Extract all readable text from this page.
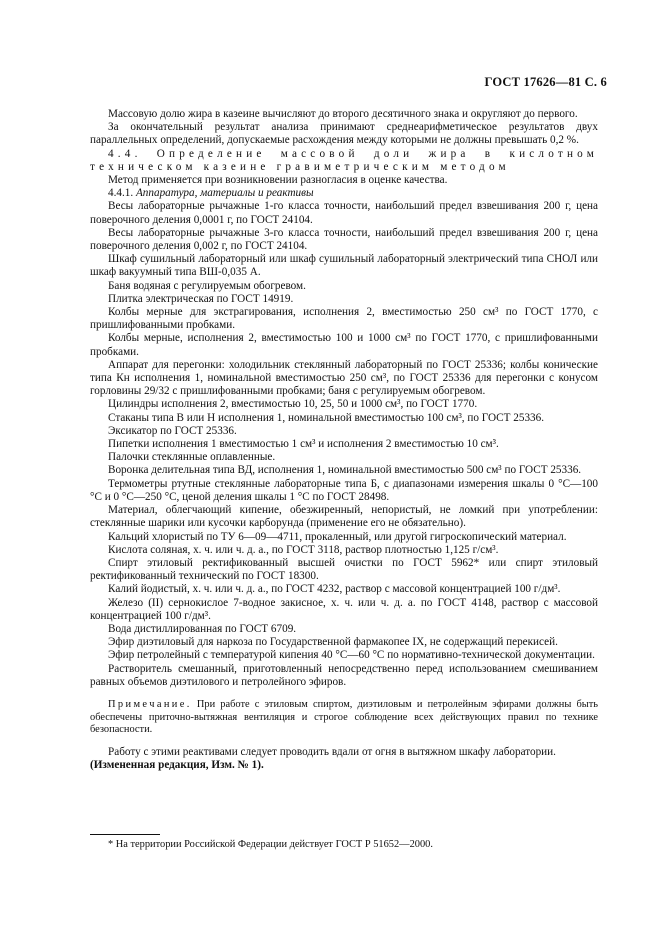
ГОСТ 17626—81 С. 6

Массовую долю жира в казеине вычисляют до второго десятичного знака и округляют до первого.

За окончательный результат анализа принимают среднеарифметическое результатов двух параллельных определений, допускаемые расхождения между которыми не должны превышать 0,2 %.

4.4. Определение массовой доли жира в кислотном техническом казеине гравиметрическим методом

Метод применяется при возникновении разногласия в оценке качества.

4.4.1. Аппаратура, материалы и реактивы

Весы лабораторные рычажные 1-го класса точности, наибольший предел взвешивания 200 г, цена поверочного деления 0,0001 г, по ГОСТ 24104.

Весы лабораторные рычажные 3-го класса точности, наибольший предел взвешивания 200 г, цена поверочного деления 0,002 г, по ГОСТ 24104.

Шкаф сушильный лабораторный или шкаф сушильный лабораторный электрический типа СНОЛ или шкаф вакуумный типа ВШ-0,035 А.

Баня водяная с регулируемым обогревом.

Плитка электрическая по ГОСТ 14919.

Колбы мерные для экстрагирования, исполнения 2, вместимостью 250 см³ по ГОСТ 1770, с пришлифованными пробками.

Колбы мерные, исполнения 2, вместимостью 100 и 1000 см³ по ГОСТ 1770, с пришлифованными пробками.

Аппарат для перегонки: холодильник стеклянный лабораторный по ГОСТ 25336; колбы конические типа Кн исполнения 1, номинальной вместимостью 250 см³, по ГОСТ 25336 для перегонки с конусом горловины 29/32 с пришлифованными пробками; баня с регулируемым обогревом.

Цилиндры исполнения 2, вместимостью 10, 25, 50 и 1000 см³, по ГОСТ 1770.

Стаканы типа В или Н исполнения 1, номинальной вместимостью 100 см³, по ГОСТ 25336.

Эксикатор по ГОСТ 25336.

Пипетки исполнения 1 вместимостью 1 см³ и исполнения 2 вместимостью 10 см³.

Палочки стеклянные оплавленные.

Воронка делительная типа ВД, исполнения 1, номинальной вместимостью 500 см³ по ГОСТ 25336.

Термометры ртутные стеклянные лабораторные типа Б, с диапазонами измерения шкалы 0 °С—100 °С и 0 °С—250 °С, ценой деления шкалы 1 °С по ГОСТ 28498.

Материал, облегчающий кипение, обезжиренный, непористый, не ломкий при употреблении: стеклянные шарики или кусочки карборунда (применение его не обязательно).

Кальций хлористый по ТУ 6—09—4711, прокаленный, или другой гигроскопический материал.

Кислота соляная, х. ч. или ч. д. а., по ГОСТ 3118, раствор плотностью 1,125 г/см³.

Спирт этиловый ректификованный высшей очистки по ГОСТ 5962* или спирт этиловый ректификованный технический по ГОСТ 18300.

Калий йодистый, х. ч. или ч. д. а., по ГОСТ 4232, раствор с массовой концентрацией 100 г/дм³.

Железо (II) сернокислое 7-водное закисное, х. ч. или ч. д. а. по ГОСТ 4148, раствор с массовой концентрацией 100 г/дм³.

Вода дистиллированная по ГОСТ 6709.

Эфир диэтиловый для наркоза по Государственной фармакопее IX, не содержащий перекисей.

Эфир петролейный с температурой кипения 40 °С—60 °С по нормативно-технической документации.

Растворитель смешанный, приготовленный непосредственно перед использованием смешиванием равных объемов диэтилового и петролейного эфиров.

Примечание. При работе с этиловым спиртом, диэтиловым и петролейным эфирами должны быть обеспечены приточно-вытяжная вентиляция и строгое соблюдение всех действующих правил по технике безопасности.

Работу с этими реактивами следует проводить вдали от огня в вытяжном шкафу лаборатории.

(Измененная редакция, Изм. № 1).

* На территории Российской Федерации действует ГОСТ Р 51652—2000.
